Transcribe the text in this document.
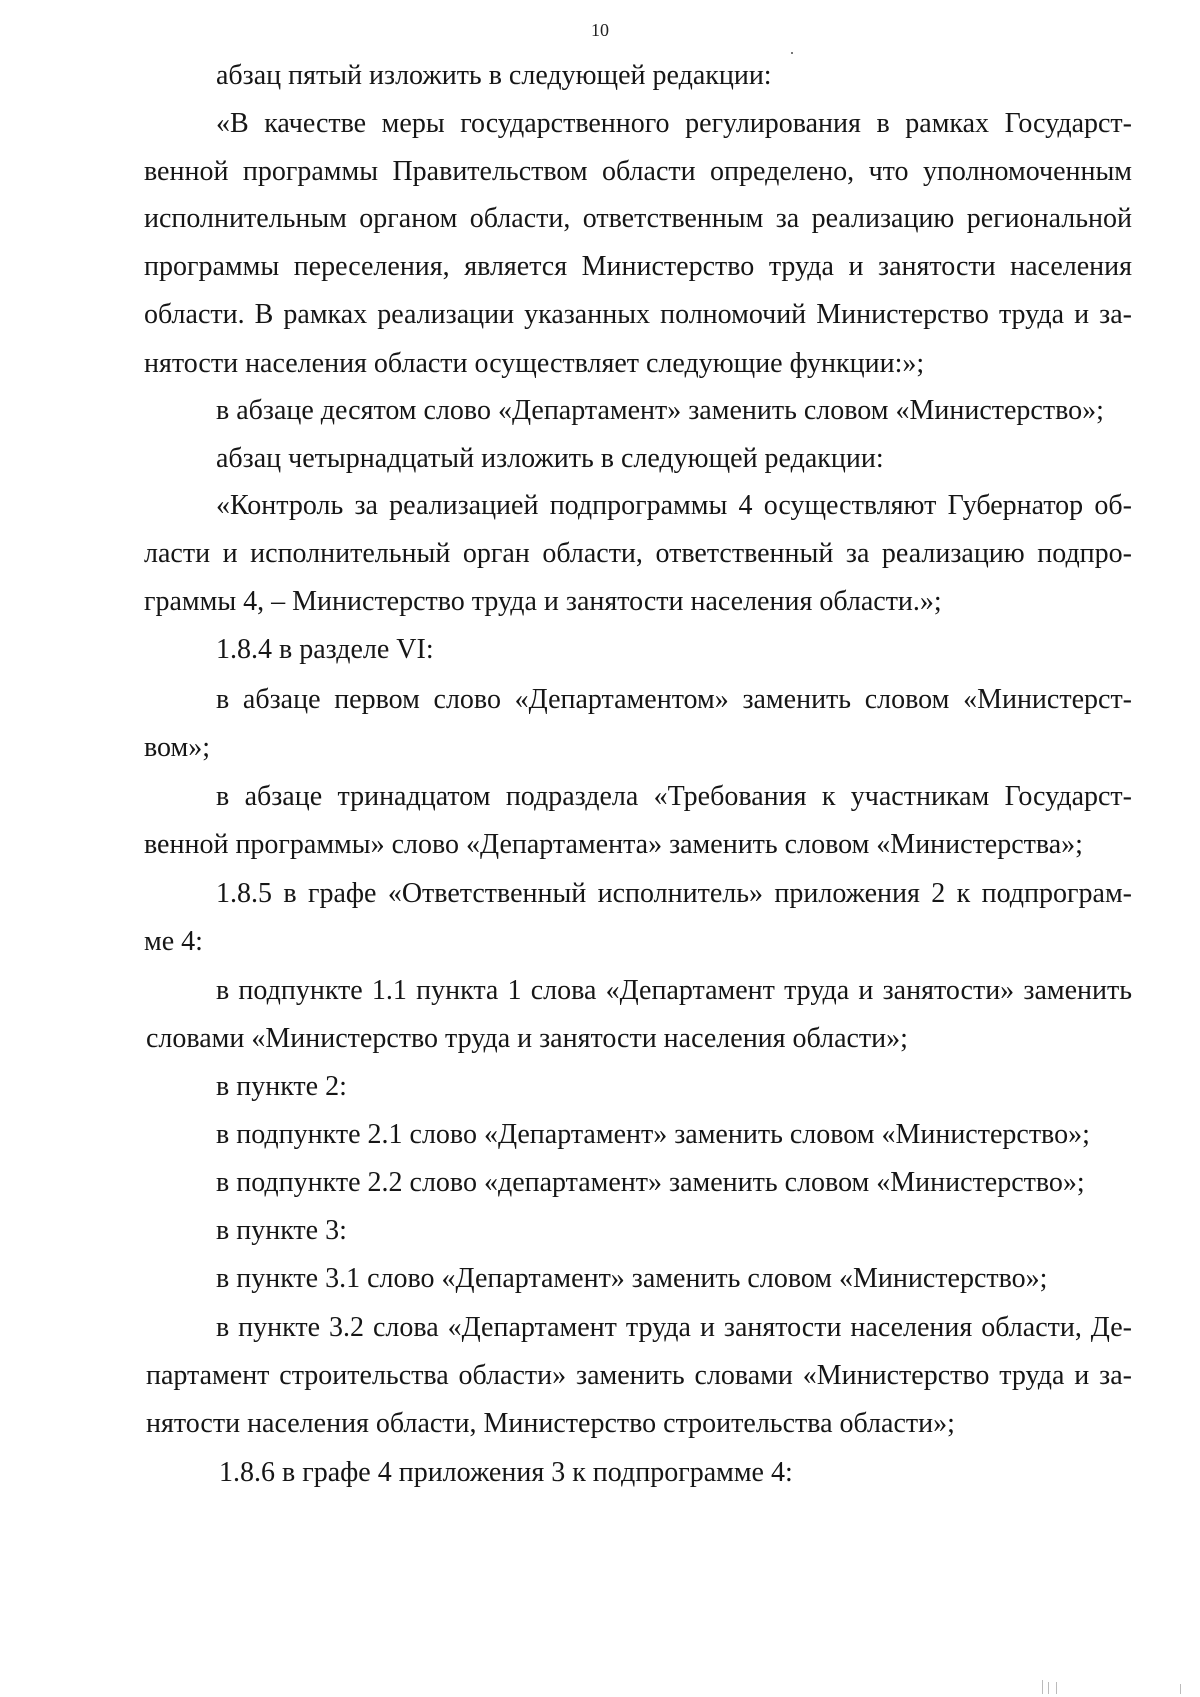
10
абзац пятый изложить в следующей редакции:
«В качестве меры государственного регулирования в рамках Государст-
венной программы Правительством области определено, что уполномоченным
исполнительным органом области, ответственным за реализацию региональной
программы переселения, является Министерство труда и занятости населения
области. В рамках реализации указанных полномочий Министерство труда и за-
нятости населения области осуществляет следующие функции:»;
в абзаце десятом слово «Департамент» заменить словом «Министерство»;
абзац четырнадцатый изложить в следующей редакции:
«Контроль за реализацией подпрограммы 4 осуществляют Губернатор об-
ласти и исполнительный орган области, ответственный за реализацию подпро-
граммы 4, – Министерство труда и занятости населения области.»;
1.8.4 в разделе VI:
в абзаце первом слово «Департаментом» заменить словом «Министерст-
вом»;
в абзаце тринадцатом подраздела «Требования к участникам Государст-
венной программы» слово «Департамента» заменить словом «Министерства»;
1.8.5 в графе «Ответственный исполнитель» приложения 2 к подпрограм-
ме 4:
в подпункте 1.1 пункта 1 слова «Департамент труда и занятости» заменить
словами «Министерство труда и занятости населения области»;
в пункте 2:
в подпункте 2.1 слово «Департамент» заменить словом «Министерство»;
в подпункте 2.2 слово «департамент» заменить словом «Министерство»;
в пункте 3:
в пункте 3.1 слово «Департамент» заменить словом «Министерство»;
в пункте 3.2 слова «Департамент труда и занятости населения области, Де-
партамент строительства области» заменить словами «Министерство труда и за-
нятости населения области, Министерство строительства области»;
1.8.6 в графе 4 приложения 3 к подпрограмме 4:
